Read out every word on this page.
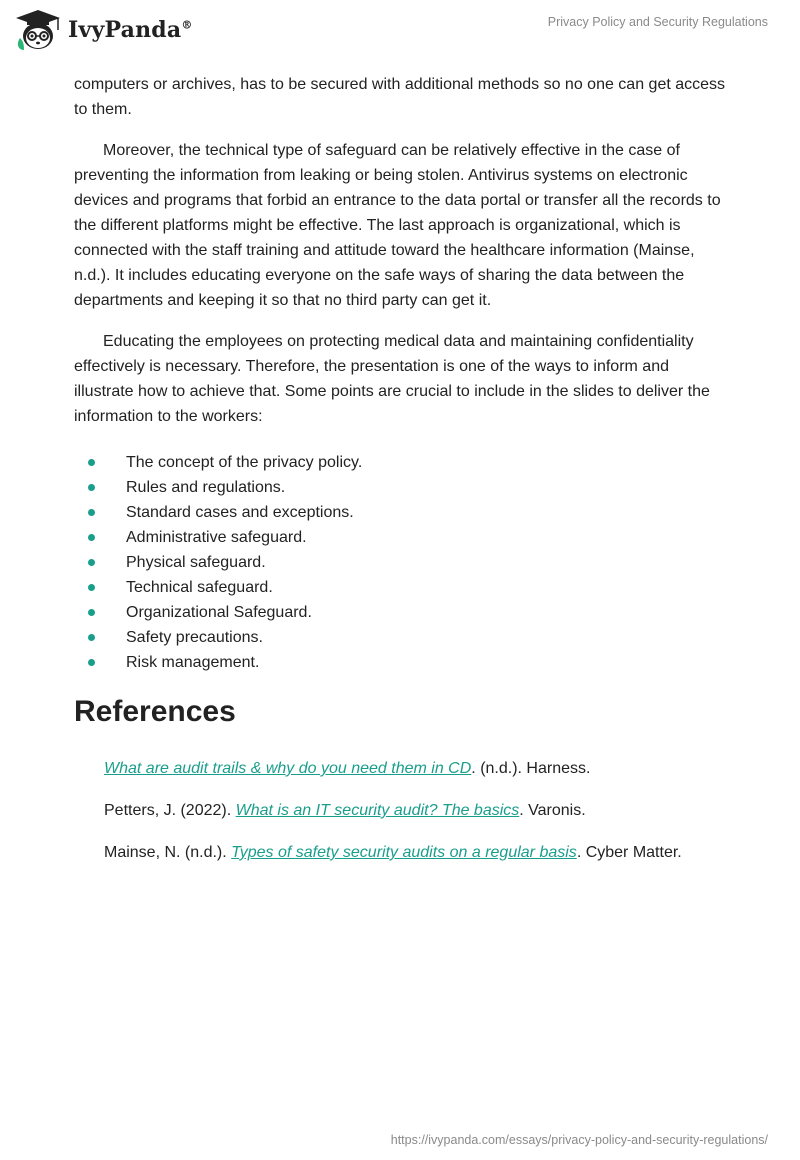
IvyPanda®	Privacy Policy and Security Regulations

computers or archives, has to be secured with additional methods so no one can get access to them.

Moreover, the technical type of safeguard can be relatively effective in the case of preventing the information from leaking or being stolen. Antivirus systems on electronic devices and programs that forbid an entrance to the data portal or transfer all the records to the different platforms might be effective. The last approach is organizational, which is connected with the staff training and attitude toward the healthcare information (Mainse, n.d.). It includes educating everyone on the safe ways of sharing the data between the departments and keeping it so that no third party can get it.

Educating the employees on protecting medical data and maintaining confidentiality effectively is necessary. Therefore, the presentation is one of the ways to inform and illustrate how to achieve that. Some points are crucial to include in the slides to deliver the information to the workers:

The concept of the privacy policy.
Rules and regulations.
Standard cases and exceptions.
Administrative safeguard.
Physical safeguard.
Technical safeguard.
Organizational Safeguard.
Safety precautions.
Risk management.
References
What are audit trails & why do you need them in CD. (n.d.). Harness.
Petters, J. (2022). What is an IT security audit? The basics. Varonis.
Mainse, N. (n.d.). Types of safety security audits on a regular basis. Cyber Matter.
https://ivypanda.com/essays/privacy-policy-and-security-regulations/
